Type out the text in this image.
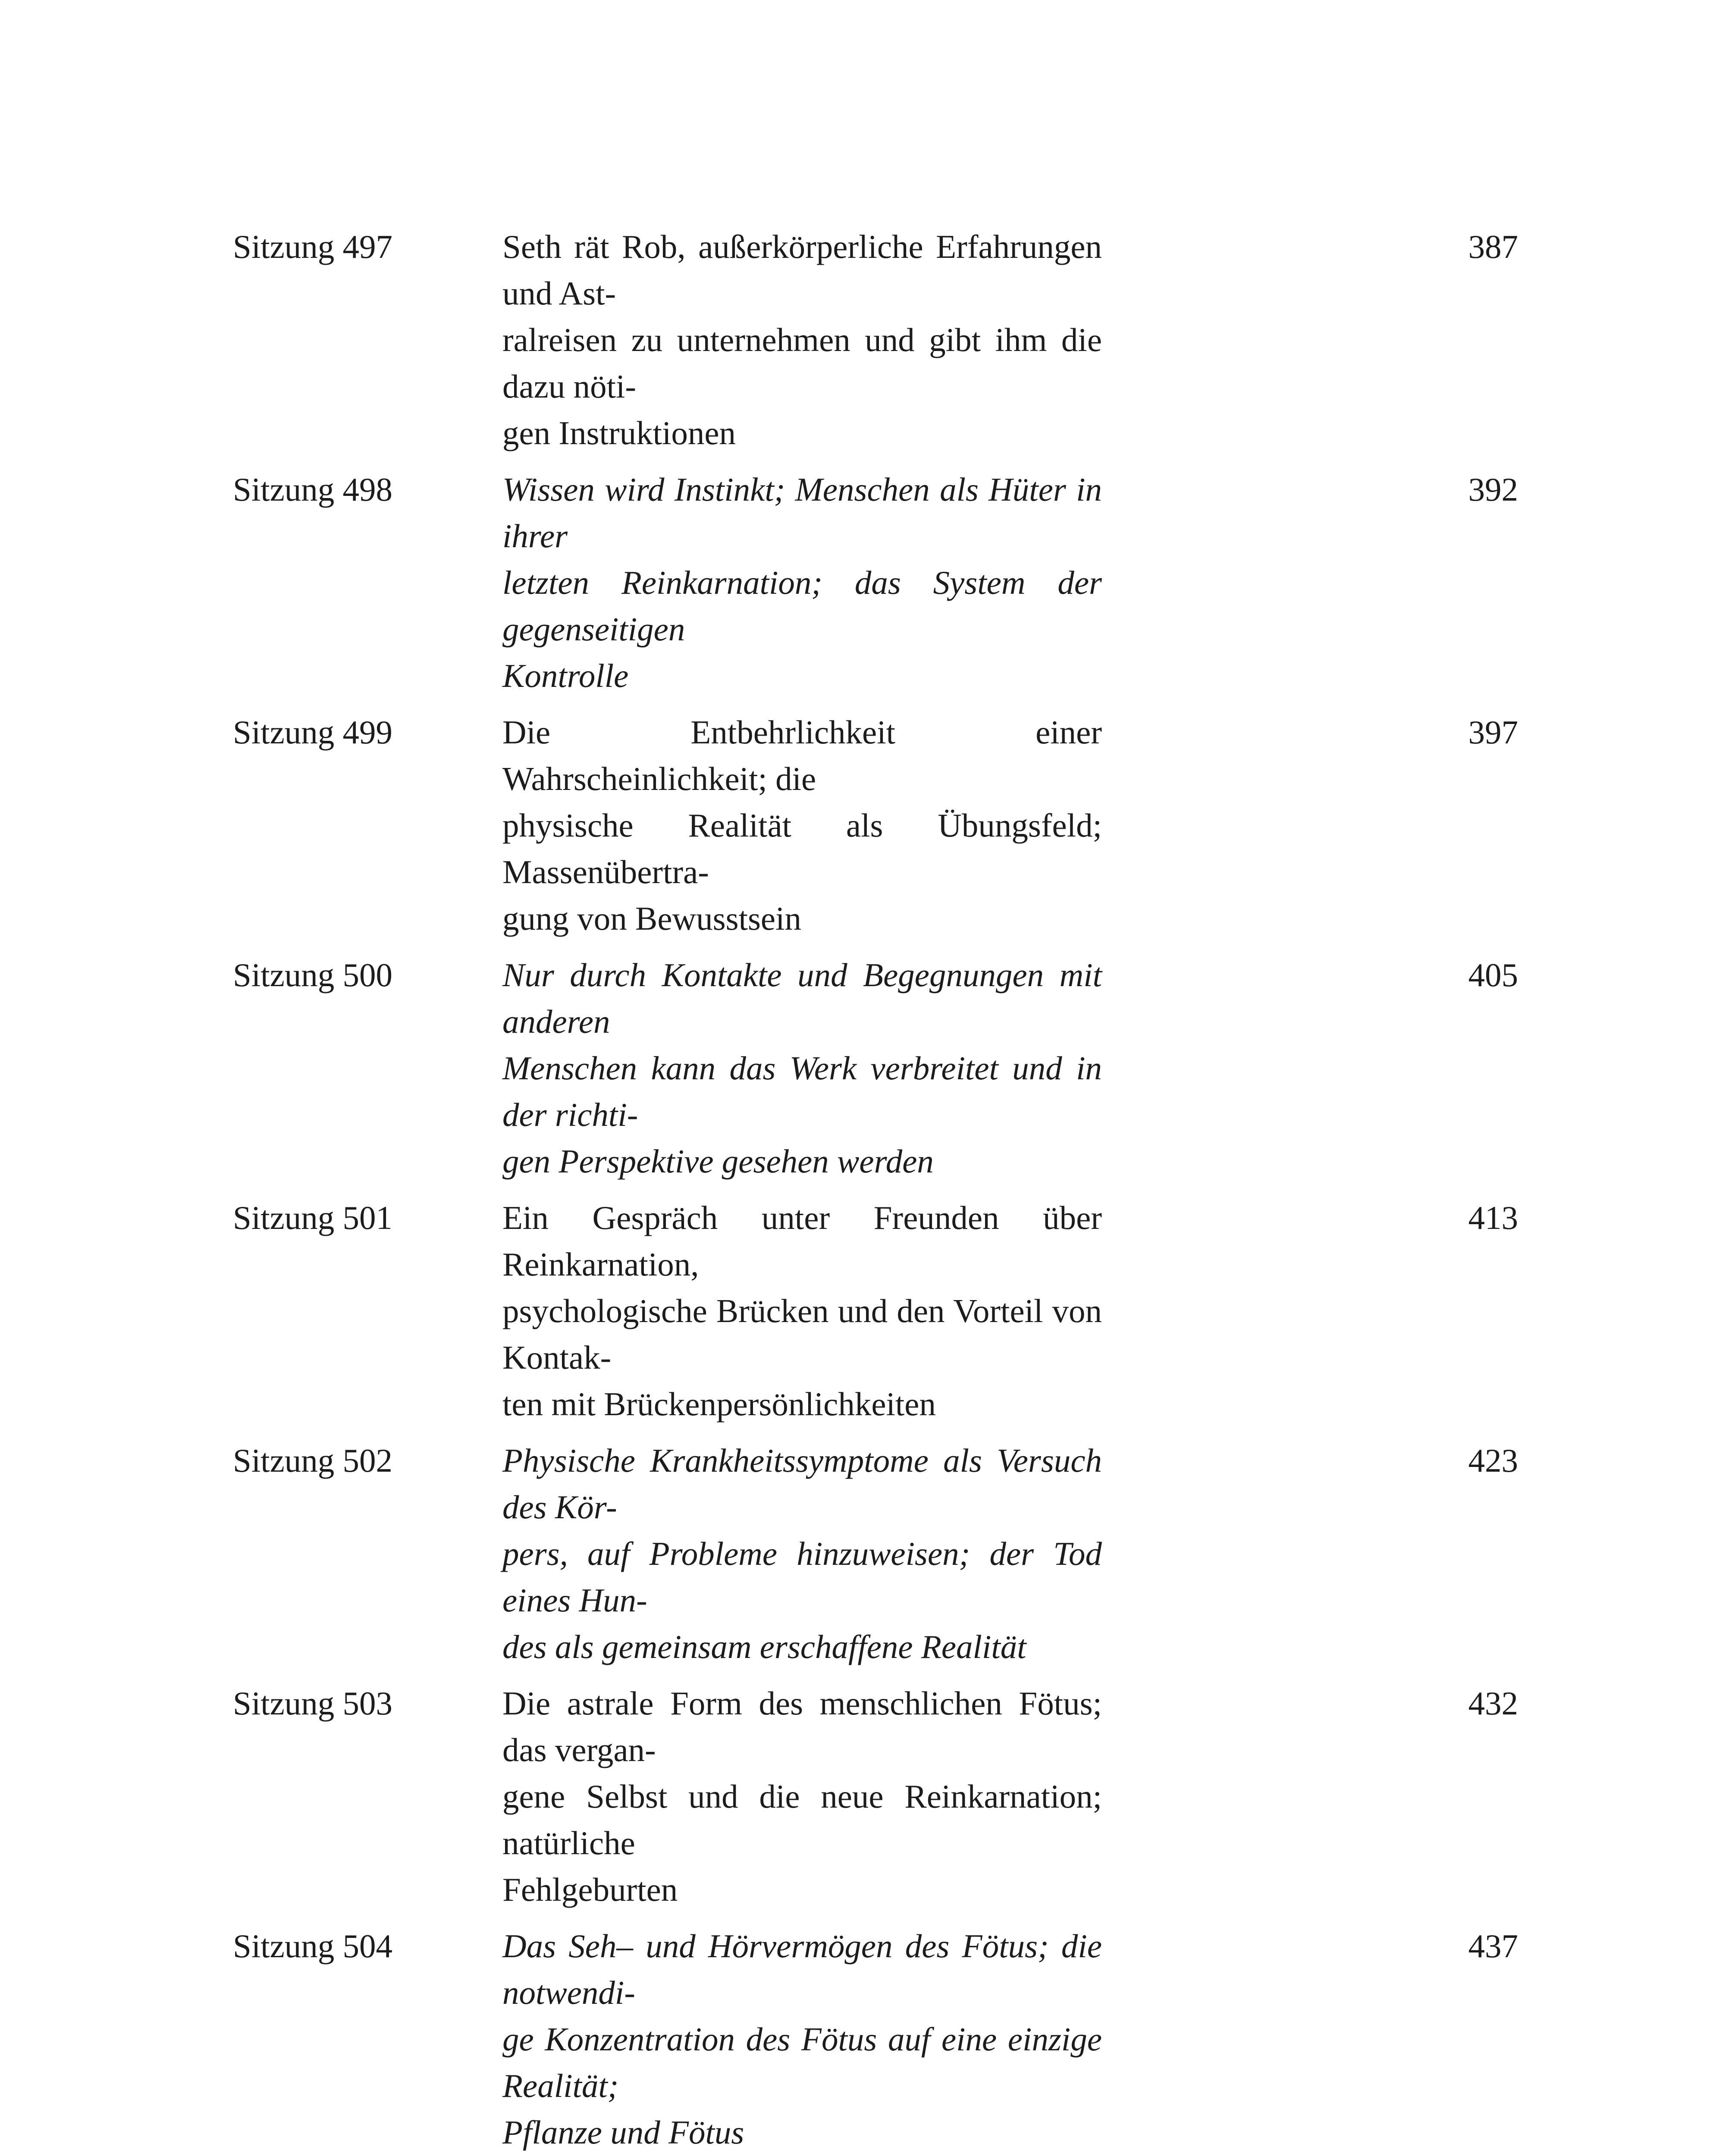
Sitzung 497	Seth rät Rob, außerkörperliche Erfahrungen und Ast-
ralreisen zu unternehmen und gibt ihm die dazu nöti-
gen Instruktionen
387
Sitzung 498	Wissen wird Instinkt; Menschen als Hüter in ihrer
letzten Reinkarnation; das System der gegenseitigen
Kontrolle
392
Sitzung 499	Die Entbehrlichkeit einer Wahrscheinlichkeit; die
physische Realität als Übungsfeld; Massenübertra-
gung von Bewusstsein
397
Sitzung 500	Nur durch Kontakte und Begegnungen mit anderen
Menschen kann das Werk verbreitet und in der richti-
gen Perspektive gesehen werden
405
Sitzung 501	Ein Gespräch unter Freunden über Reinkarnation,
psychologische Brücken und den Vorteil von Kontak-
ten mit Brückenpersönlichkeiten
413
Sitzung 502	Physische Krankheitssymptome als Versuch des Kör-
pers, auf Probleme hinzuweisen; der Tod eines Hun-
des als gemeinsam erschaffene Realität
423
Sitzung 503	Die astrale Form des menschlichen Fötus; das vergan-
gene Selbst und die neue Reinkarnation; natürliche
Fehlgeburten
432
Sitzung 504	Das Seh– und Hörvermögen des Fötus; die notwendi-
ge Konzentration des Fötus auf eine einzige Realität;
Pflanze und Fötus
437
